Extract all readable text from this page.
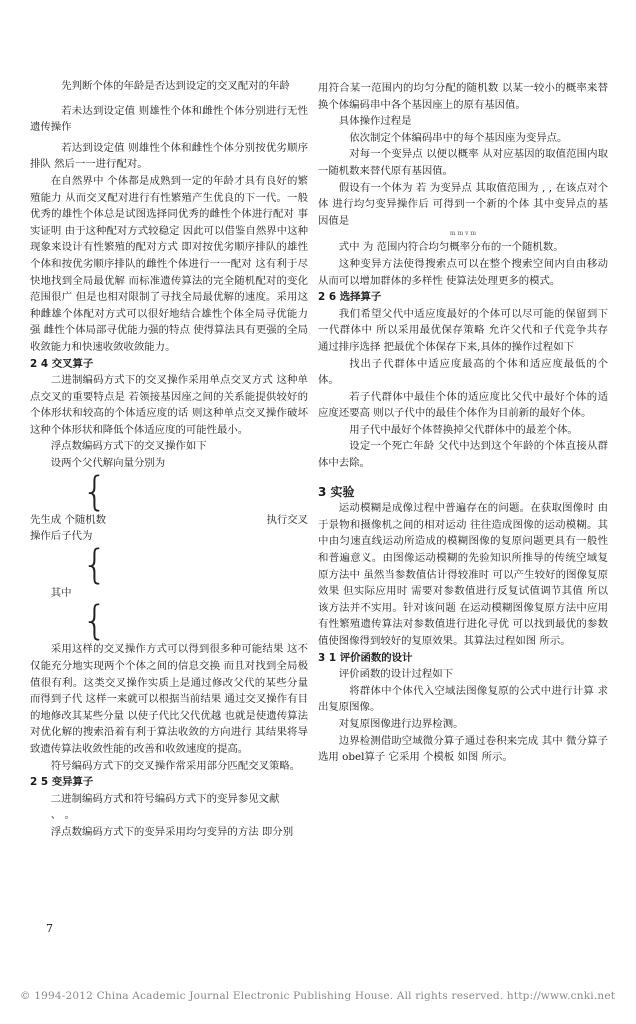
先判断个体的年龄是否达到设定的交叉配对的年龄

若未达到设定值 则雄性个体和雌性个体分别进行无性遗传操作

若达到设定值 则雄性个体和雌性个体分别按优劣顺序排队 然后一一进行配对。

在自然界中 个体都是成熟到一定的年龄才具有良好的繁殖能力 从而交叉配对进行有性繁殖产生优良的下一代。一般优秀的雄性个体总是试图选择同优秀的雌性个体进行配对 事实证明 由于这种配对方式较稳定 因此可以借鉴自然界中这种现象来设计有性繁殖的配对方式 即对按优劣顺序排队的雄性个体和按优劣顺序排队的雌性个体进行一一配对 这有利于尽快地找到全局最优解 而标准遗传算法的完全随机配对的变化范围很广 但是也相对限制了寻找全局最优解的速度。采用这种雌雄个体配对方式可以很好地结合雄性个体全局寻优能力强 雌性个体局部寻优能力强的特点 使得算法具有更强的全局收敛能力和快速收敛收敛能力。

2 4 交叉算子

二进制编码方式下的交叉操作采用单点交叉方式 这种单点交叉的重要特点是 若领接基因座之间的关系能提供较好的个体形状和较高的个体适应度的话 则这种单点交叉操作破坏这种个体形状和降低个体适应度的可能性最小。

浮点数编码方式下的交叉操作如下

设两个父代解向量分别为

{
先生成 个随机数	执行交叉

操作后子代为

{

其中

{

采用这样的交叉操作方式可以得到很多种可能结果 这不仅能充分地实现两个个体之间的信息交换 而且对找到全局极值很有利。这类交叉操作实质上是通过修改父代的某些分量而得到子代 这样一来就可以根据当前结果 通过交叉操作有目的地修改其某些分量 以使子代比父代优越 也就是使遗传算法对优化解的搜索沿着有利于算法收敛的方向进行 其结果将导致遗传算法收敛性能的改善和收敛速度的提高。

符号编码方式下的交叉操作常采用部分匹配交叉策略。

2 5 变异算子

二进制编码方式和符号编码方式下的变异参见文献

、 。

浮点数编码方式下的变异采用均匀变异的方法 即分别

用符合某一范围内的均匀分配的随机数 以某一较小的概率来替换个体编码串中各个基因座上的原有基因值。

具体操作过程是

依次制定个体编码串中的每个基因座为变异点。

对每一个变异点 以便以概率 从对应基因的取值范围内取一随机数来替代原有基因值。

假设有一个体为 若 为变异点 其取值范围为 , , 在该点对个体 进行均匀变异操作后 可得到一个新的个体 其中变异点的基因值是

m m v m

式中 为 范围内符合均匀概率分布的一个随机数。

这种变异方法使得搜索点可以在整个搜索空间内自由移动 从而可以增加群体的多样性 使算法处理更多的模式。

2 6 选择算子

我们希望父代中适应度最好的个体可以尽可能的保留到下一代群体中 所以采用最优保存策略 允许父代和子代竞争共存 通过排序选择 把最优个体保存下来,具体的操作过程如下

找出子代群体中适应度最高的个体和适应度最低的个体。

若子代群体中最佳个体的适应度比父代中最好个体的适应度还要高 则以子代中的最佳个体作为目前新的最好个体。

用子代中最好个体替换掉父代群体中的最差个体。

设定一个死亡年龄 父代中达到这个年龄的个体直接从群体中去除。

3 实验

运动模糊是成像过程中普遍存在的问题。在获取图像时 由于景物和摄像机之间的相对运动 往往造成图像的运动模糊。其中由匀速直线运动所造成的模糊图像的复原问题更具有一般性和普遍意义。由图像运动模糊的先验知识所推导的传统空域复原方法中 虽然当参数值估计得较准时 可以产生较好的图像复原效果 但实际应用时 需要对参数值进行反复试值调节其值 所以该方法并不实用。针对该问题 在运动模糊图像复原方法中应用有性繁殖遗传算法对参数值进行进化寻优 可以找到最优的参数值使图像得到较好的复原效果。其算法过程如图 所示。

3 1 评价函数的设计

评价函数的设计过程如下

将群体中个体代入空域法图像复原的公式中进行计算 求出复原图像。

对复原图像进行边界检测。

边界检测借助空域微分算子通过卷积来完成 其中 微分算子选用 obel算子 它采用 个模板 如图 所示。

7
© 1994-2012 China Academic Journal Electronic Publishing House. All rights reserved. http://www.cnki.net
